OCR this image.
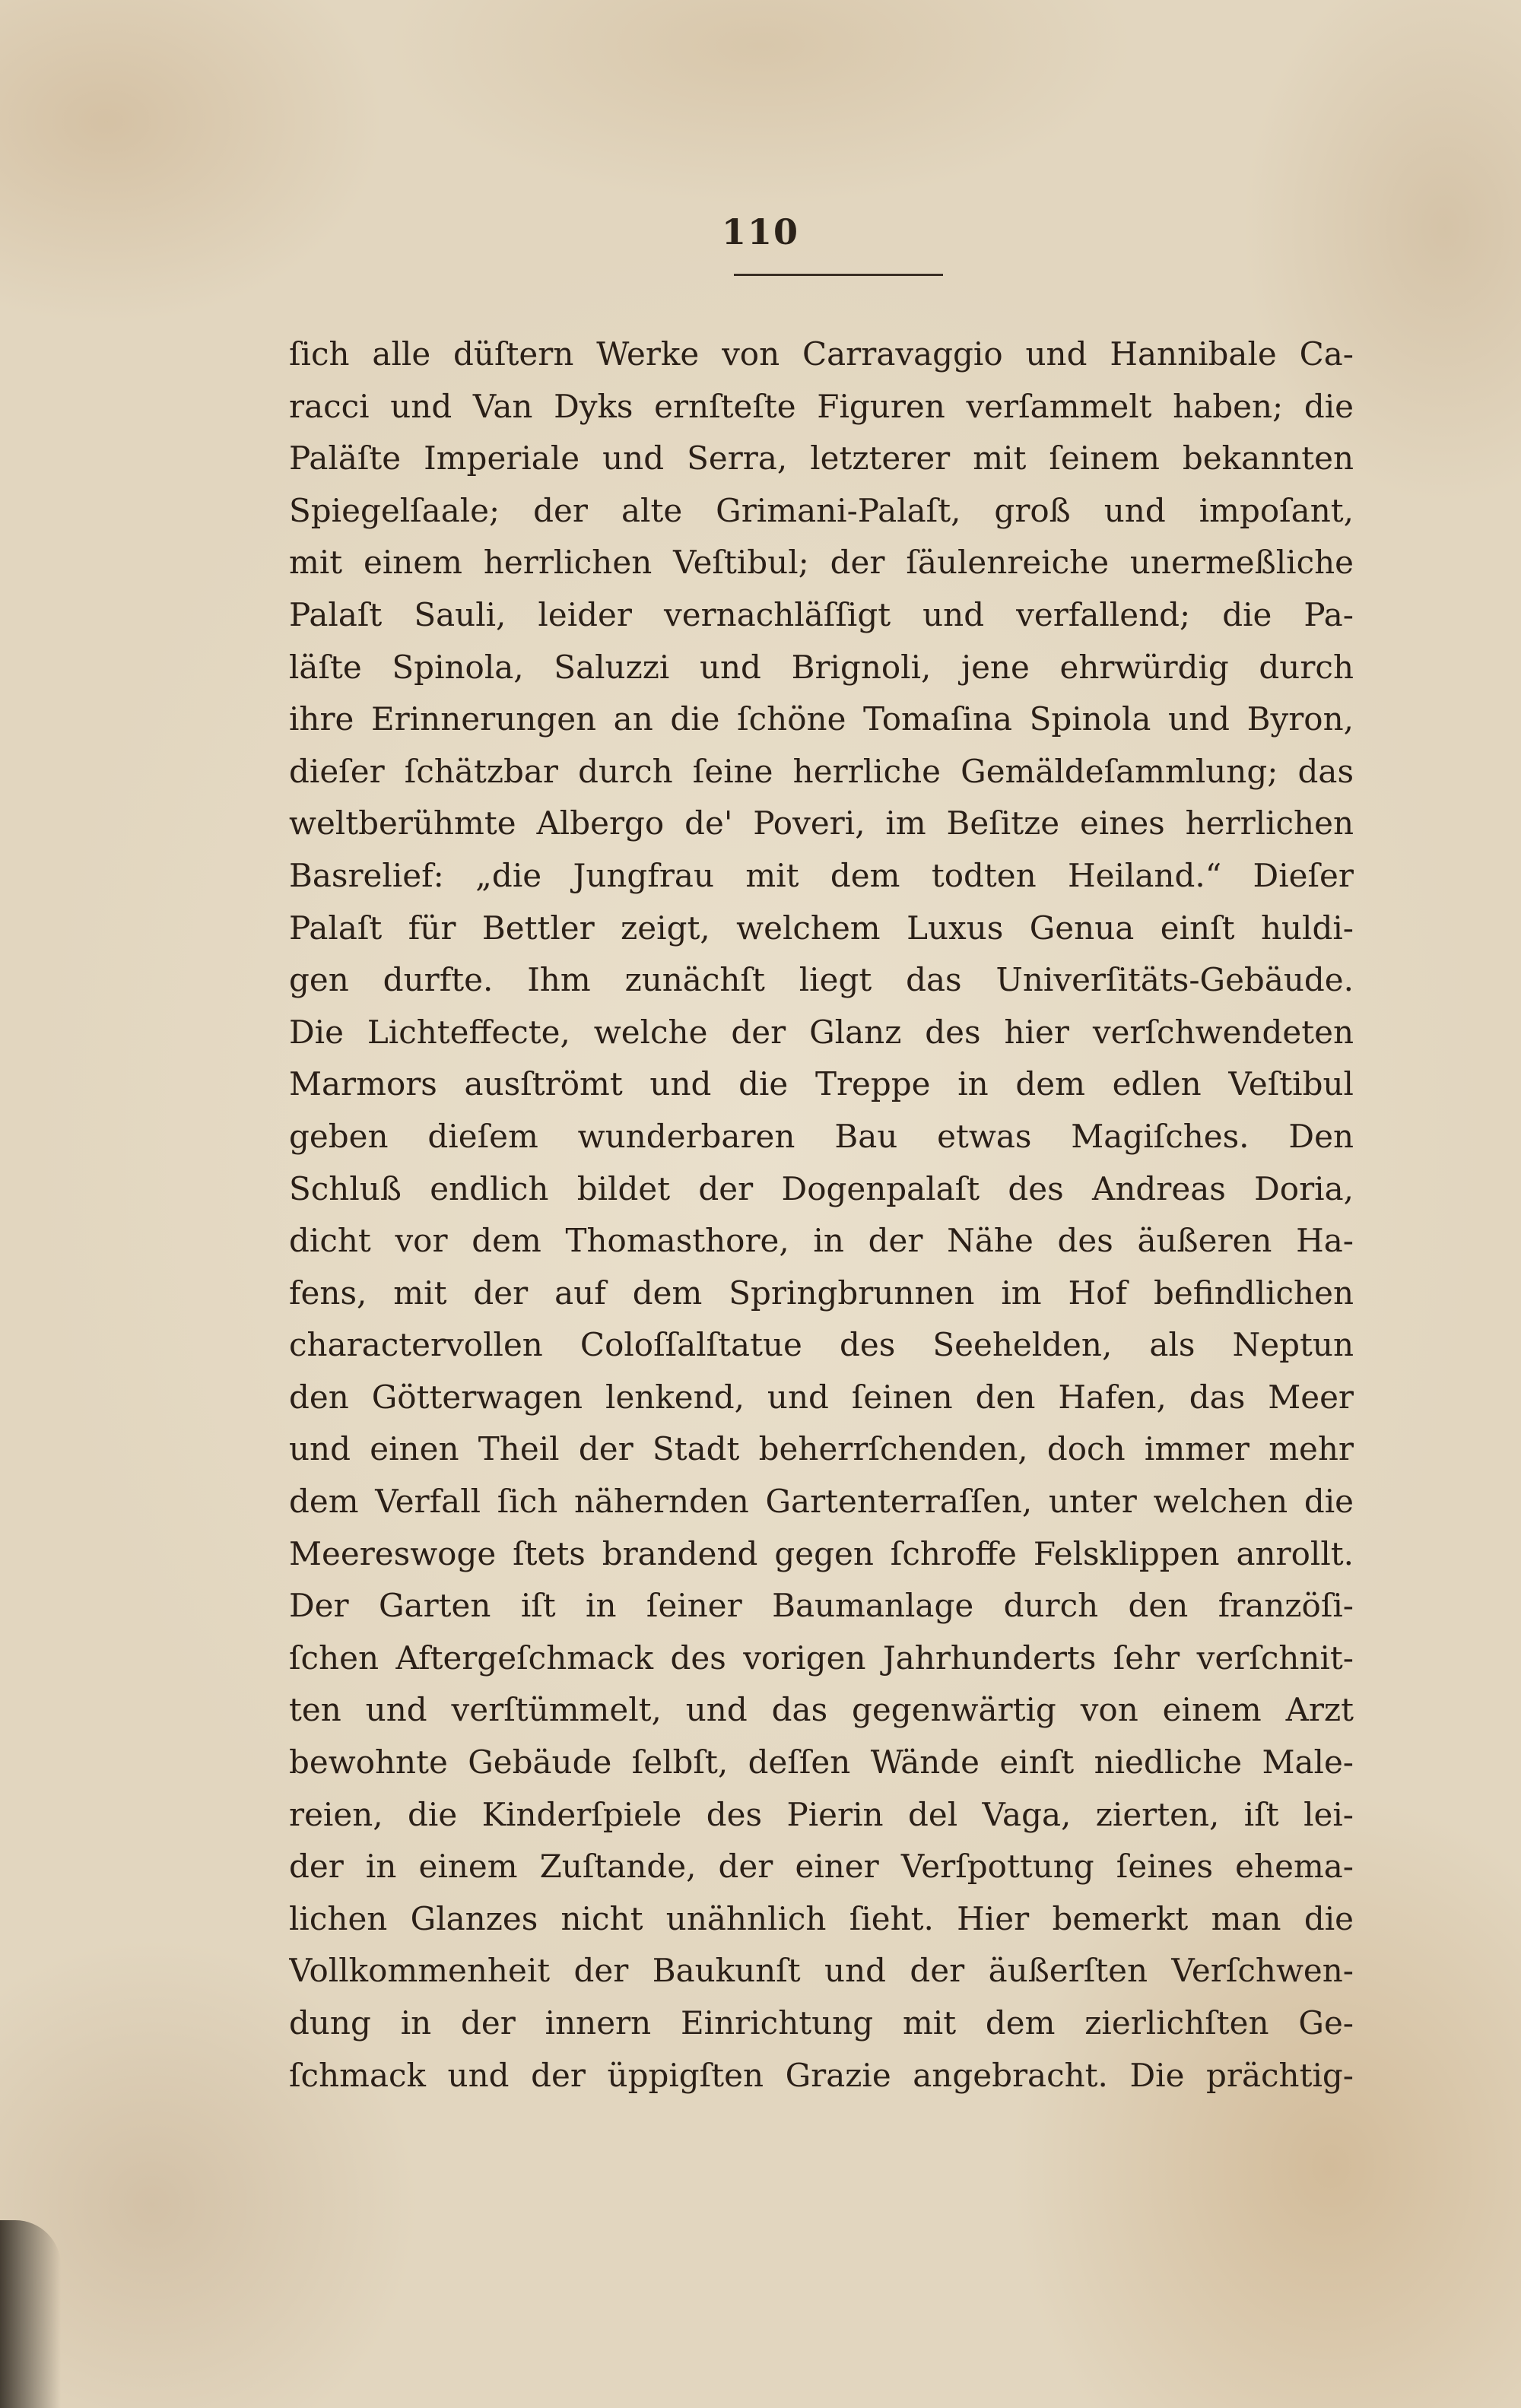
110
ſich alle düſtern Werke von Carravaggio und Hannibale Ca-
racci und Van Dyks ernſteſte Figuren verſammelt haben; die
Paläſte Imperiale und Serra, letzterer mit ſeinem bekannten
Spiegelſaale; der alte Grimani-Palaſt, groß und impoſant,
mit einem herrlichen Veſtibul; der ſäulenreiche unermeßliche
Palaſt Sauli, leider vernachläſſigt und verfallend; die Pa-
läſte Spinola, Saluzzi und Brignoli, jene ehrwürdig durch
ihre Erinnerungen an die ſchöne Tomaſina Spinola und Byron,
dieſer ſchätzbar durch ſeine herrliche Gemäldeſammlung; das
weltberühmte Albergo de' Poveri, im Beſitze eines herrlichen
Basrelief: „die Jungfrau mit dem todten Heiland.“ Dieſer
Palaſt für Bettler zeigt, welchem Luxus Genua einſt huldi-
gen durfte. Ihm zunächſt liegt das Univerſitäts-Gebäude.
Die Lichteffecte, welche der Glanz des hier verſchwendeten
Marmors ausſtrömt und die Treppe in dem edlen Veſtibul
geben dieſem wunderbaren Bau etwas Magiſches. Den
Schluß endlich bildet der Dogenpalaſt des Andreas Doria,
dicht vor dem Thomasthore, in der Nähe des äußeren Ha-
fens, mit der auf dem Springbrunnen im Hof befindlichen
charactervollen Coloſſalſtatue des Seehelden, als Neptun
den Götterwagen lenkend, und ſeinen den Hafen, das Meer
und einen Theil der Stadt beherrſchenden, doch immer mehr
dem Verfall ſich nähernden Gartenterraſſen, unter welchen die
Meereswoge ſtets brandend gegen ſchroffe Felsklippen anrollt.
Der Garten iſt in ſeiner Baumanlage durch den franzöſi-
ſchen Aftergeſchmack des vorigen Jahrhunderts ſehr verſchnit-
ten und verſtümmelt, und das gegenwärtig von einem Arzt
bewohnte Gebäude ſelbſt, deſſen Wände einſt niedliche Male-
reien, die Kinderſpiele des Pierin del Vaga, zierten, iſt lei-
der in einem Zuſtande, der einer Verſpottung ſeines ehema-
lichen Glanzes nicht unähnlich ſieht. Hier bemerkt man die
Vollkommenheit der Baukunſt und der äußerſten Verſchwen-
dung in der innern Einrichtung mit dem zierlichſten Ge-
ſchmack und der üppigſten Grazie angebracht. Die prächtig-
